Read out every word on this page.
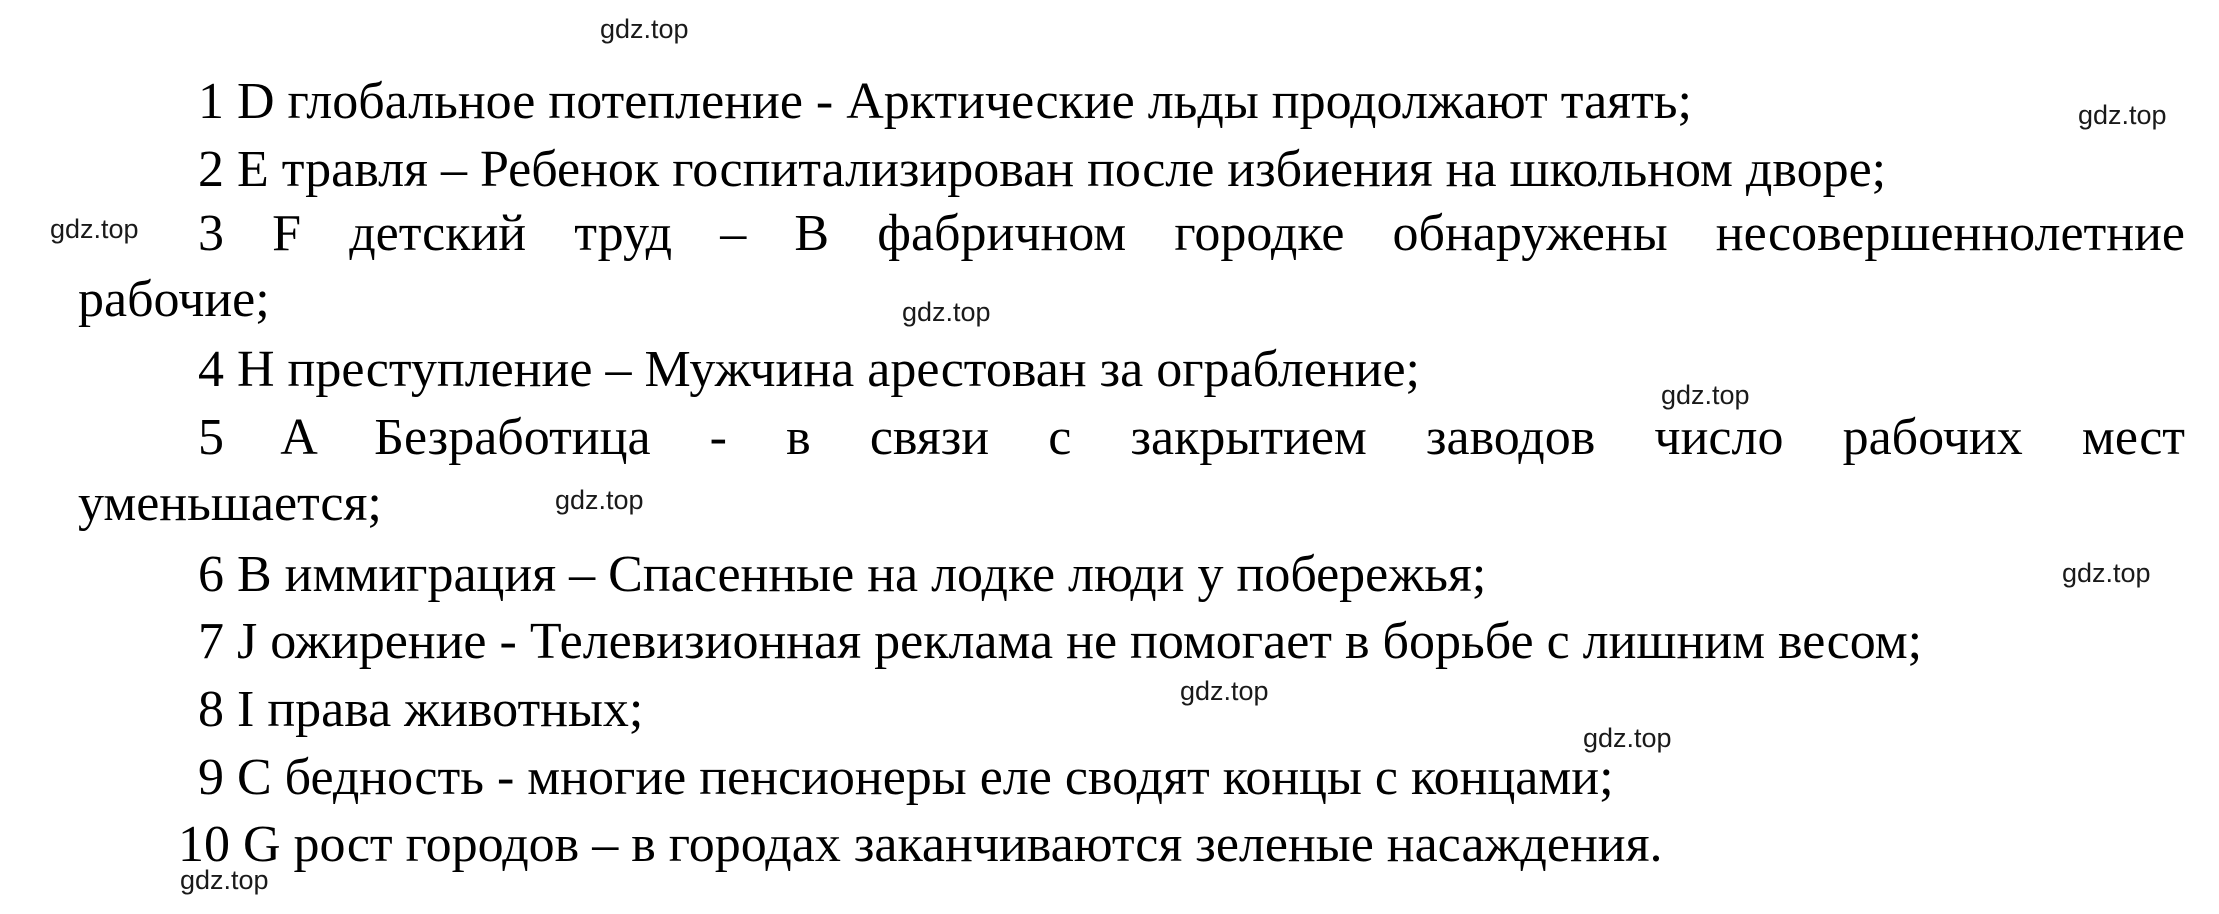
1 D глобальное потепление - Арктические льды продолжают таять;
2 E травля – Ребенок госпитализирован после избиения на школьном дворе;
3 F детский труд – В фабричном городке обнаружены несовершеннолетние
рабочие;
4 H преступление – Мужчина арестован за ограбление;
5 A Безработица - в связи с закрытием заводов число рабочих мест
уменьшается;
6 B иммиграция – Спасенные на лодке люди у побережья;
7 J ожирение - Телевизионная реклама не помогает в борьбе с лишним весом;
8 I права животных;
9 C бедность - многие пенсионеры еле сводят концы с концами;
10 G рост городов – в городах заканчиваются зеленые насаждения.
gdz.top
gdz.top
gdz.top
gdz.top
gdz.top
gdz.top
gdz.top
gdz.top
gdz.top
gdz.top
